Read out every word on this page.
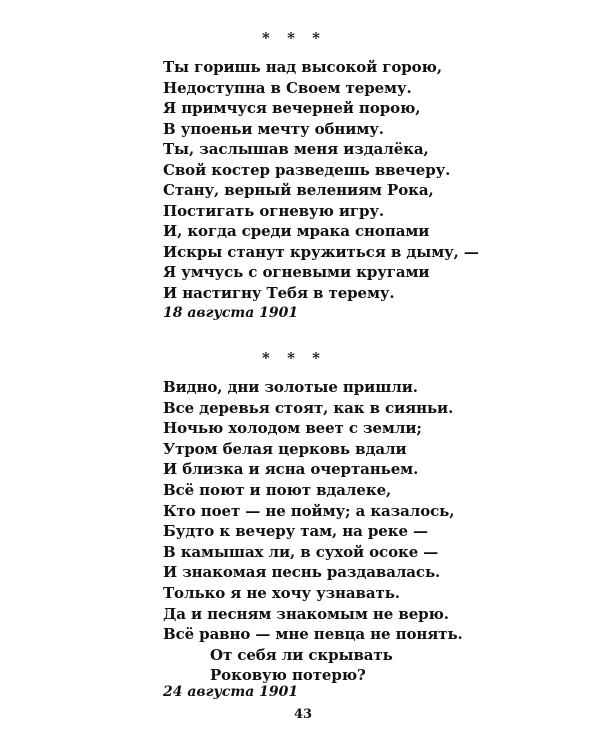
* * *
Ты горишь над высокой горою,
Недоступна в Своем терему.
Я примчуся вечерней порою,
В упоеньи мечту обниму.
Ты, заслышав меня издалёка,
Свой костер разведешь ввечеру.
Стану, верный велениям Рока,
Постигать огневую игру.
И, когда среди мрака снопами
Искры станут кружиться в дыму, —
Я умчусь с огневыми кругами
И настигну Тебя в терему.
18 августа 1901
* * *
Видно, дни золотые пришли.
Все деревья стоят, как в сияньи.
Ночью холодом веет с земли;
Утром белая церковь вдали
И близка и ясна очертаньем.
Всё поют и поют вдалеке,
Кто поет — не пойму; а казалось,
Будто к вечеру там, на реке —
В камышах ли, в сухой осоке —
И знакомая песнь раздавалась.
Только я не хочу узнавать.
Да и песням знакомым не верю.
Всё равно — мне певца не понять.
От себя ли скрывать
Роковую потерю?
24 августа 1901
43
